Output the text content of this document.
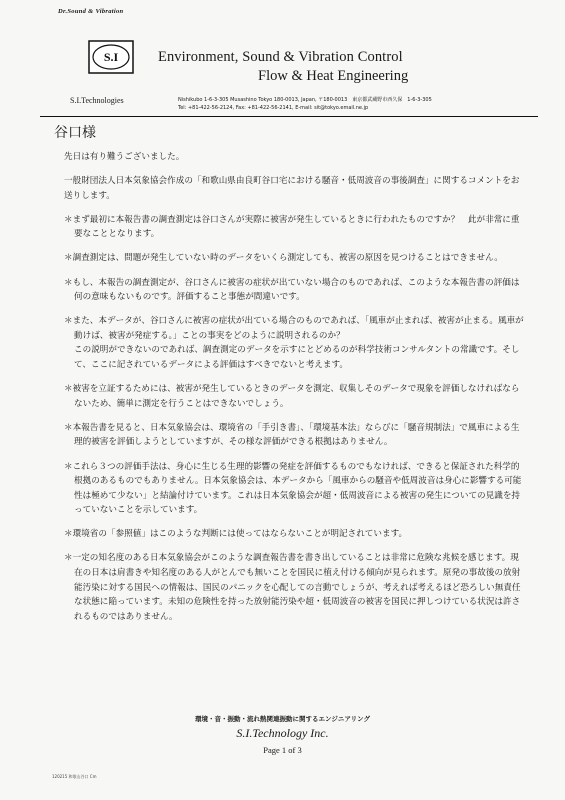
Dr.Sound & Vibration
S.I
S.I.Technologies
Environment, Sound & Vibration Control
Flow & Heat Engineering
Nishikubo 1-6-3-305 Musashino Tokyo 180-0013, Japan, 〒180-0013　東京都武蔵野市西久保　1-6-3-305
Tel: +81-422-56-2124, Fax: +81-422-56-2141, E-mail: sit@tokyo.email.ne.jp
谷口様

先日は有り難うございました。

一般財団法人日本気象協会作成の「和歌山県由良町谷口宅における騒音・低周波音の事後調査」に関するコメントをお送りします。

＊まず最初に本報告書の調査測定は谷口さんが実際に被害が発生しているときに行われたものですか？　此が非常に重要なこととなります。

＊調査測定は、問題が発生していない時のデータをいくら測定しても、被害の原因を見つけることはできません。

＊もし、本報告の調査測定が、谷口さんに被害の症状が出ていない場合のものであれば、このような本報告書の評価は何の意味もないものです。評価すること事態が間違いです。

＊また、本データが、谷口さんに被害の症状が出ている場合のものであれば、「風車が止まれば、被害が止まる。風車が動けば、被害が発症する。」ことの事実をどのように説明されるのか？
この説明ができないのであれば、調査測定のデータを示すにとどめるのが科学技術コンサルタントの常識です。そして、ここに記されているデータによる評価はすべきでないと考えます。

＊被害を立証するためには、被害が発生しているときのデータを測定、収集しそのデータで現象を評価しなければならないため、簡単に測定を行うことはできないでしょう。

＊本報告書を見ると、日本気象協会は、環境省の「手引き書」、「環境基本法」ならびに「騒音規制法」で風車による生理的被害を評価しようとしていますが、その様な評価ができる根拠はありません。

＊これら３つの評価手法は、身心に生じる生理的影響の発症を評価するものでもなければ、できると保証された科学的根拠のあるものでもありません。日本気象協会は、本データから「風車からの騒音や低周波音は身心に影響する可能性は極めて少ない」と結論付けています。これは日本気象協会が超・低周波音による被害の発生についての見識を持っていないことを示しています。

＊環境省の「参照値」はこのような判断には使ってはならないことが明記されています。

＊一定の知名度のある日本気象協会がこのような調査報告書を書き出していることは非常に危険な兆候を感じます。現在の日本は肩書きや知名度のある人がとんでも無いことを国民に植え付ける傾向が見られます。原発の事故後の放射能汚染に対する国民への情報は、国民のパニックを心配しての言動でしょうが、考えれば考えるほど恐ろしい無責任な状態に陥っています。未知の危険性を持った放射能汚染や超・低周波音の被害を国民に押しつけている状況は許されるものではありません。

環境・音・振動・流れ熱関連振動に関するエンジニアリング
S.I.Technology Inc.
Page 1 of 3
120215 和歌山谷口 Cm
